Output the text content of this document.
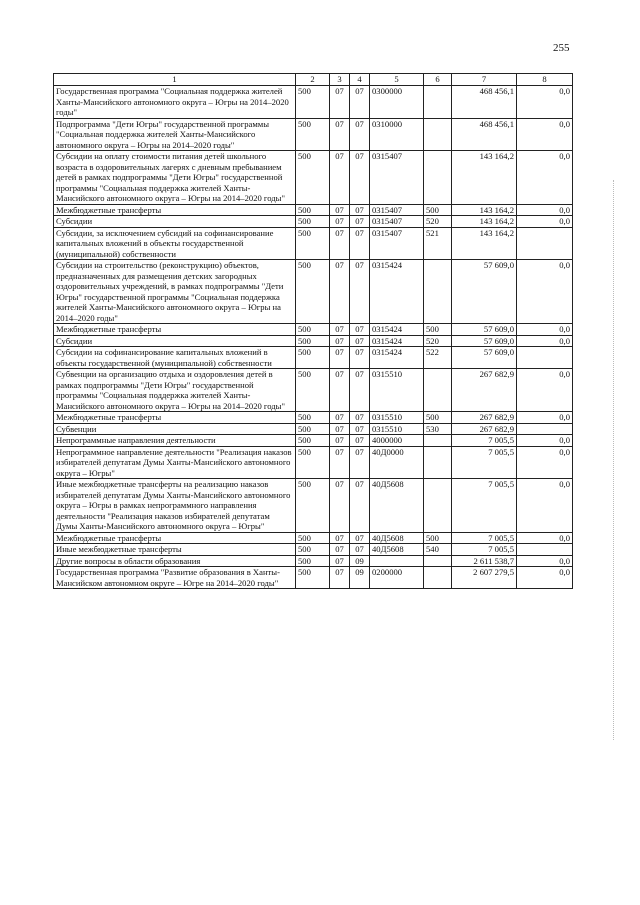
255
1	2	3	4	5	6	7	8
Государственная программа "Социальная поддержка жителей Ханты-Мансийского автономного округа – Югры на 2014–2020 годы"	500	07	07	0300000		468 456,1	0,0
Подпрограмма "Дети Югры" государственной программы "Социальная поддержка жителей Ханты-Мансийского автономного округа – Югры на 2014–2020 годы"	500	07	07	0310000		468 456,1	0,0
Субсидии на оплату стоимости питания детей школьного возраста в оздоровительных лагерях с дневным пребыванием детей в рамках подпрограммы "Дети Югры" государственной программы "Социальная поддержка жителей Ханты-Мансийского автономного округа – Югры на 2014–2020 годы"	500	07	07	0315407		143 164,2	0,0
Межбюджетные трансферты	500	07	07	0315407	500	143 164,2	0,0
Субсидии	500	07	07	0315407	520	143 164,2	0,0
Субсидии, за исключением субсидий на софинансирование капитальных вложений в объекты государственной (муниципальной) собственности	500	07	07	0315407	521	143 164,2	
Субсидии на строительство (реконструкцию) объектов, предназначенных для размещения детских загородных оздоровительных учреждений, в рамках подпрограммы "Дети Югры" государственной программы "Социальная поддержка жителей Ханты-Мансийского автономного округа – Югры на 2014–2020 годы"	500	07	07	0315424		57 609,0	0,0
Межбюджетные трансферты	500	07	07	0315424	500	57 609,0	0,0
Субсидии	500	07	07	0315424	520	57 609,0	0,0
Субсидии на софинансирование капитальных вложений в объекты государственной (муниципальной) собственности	500	07	07	0315424	522	57 609,0	
Субвенции на организацию отдыха и оздоровления детей в рамках подпрограммы "Дети Югры" государственной программы "Социальная поддержка жителей Ханты-Мансийского автономного округа – Югры на 2014–2020 годы"	500	07	07	0315510		267 682,9	0,0
Межбюджетные трансферты	500	07	07	0315510	500	267 682,9	0,0
Субвенции	500	07	07	0315510	530	267 682,9	
Непрограммные направления деятельности	500	07	07	4000000		7 005,5	0,0
Непрограммное направление деятельности "Реализация наказов избирателей депутатам Думы Ханты-Мансийского автономного округа – Югры"	500	07	07	40Д0000		7 005,5	0,0
Иные межбюджетные трансферты на реализацию наказов избирателей депутатам Думы Ханты-Мансийского автономного округа – Югры в рамках непрограммного направления деятельности "Реализация наказов избирателей депутатам Думы Ханты-Мансийского автономного округа – Югры"	500	07	07	40Д5608		7 005,5	0,0
Межбюджетные трансферты	500	07	07	40Д5608	500	7 005,5	0,0
Иные межбюджетные трансферты	500	07	07	40Д5608	540	7 005,5	
Другие вопросы в области образования	500	07	09			2 611 538,7	0,0
Государственная программа "Развитие образования в Ханты-Мансийском автономном округе – Югре на 2014–2020 годы"	500	07	09	0200000		2 607 279,5	0,0
